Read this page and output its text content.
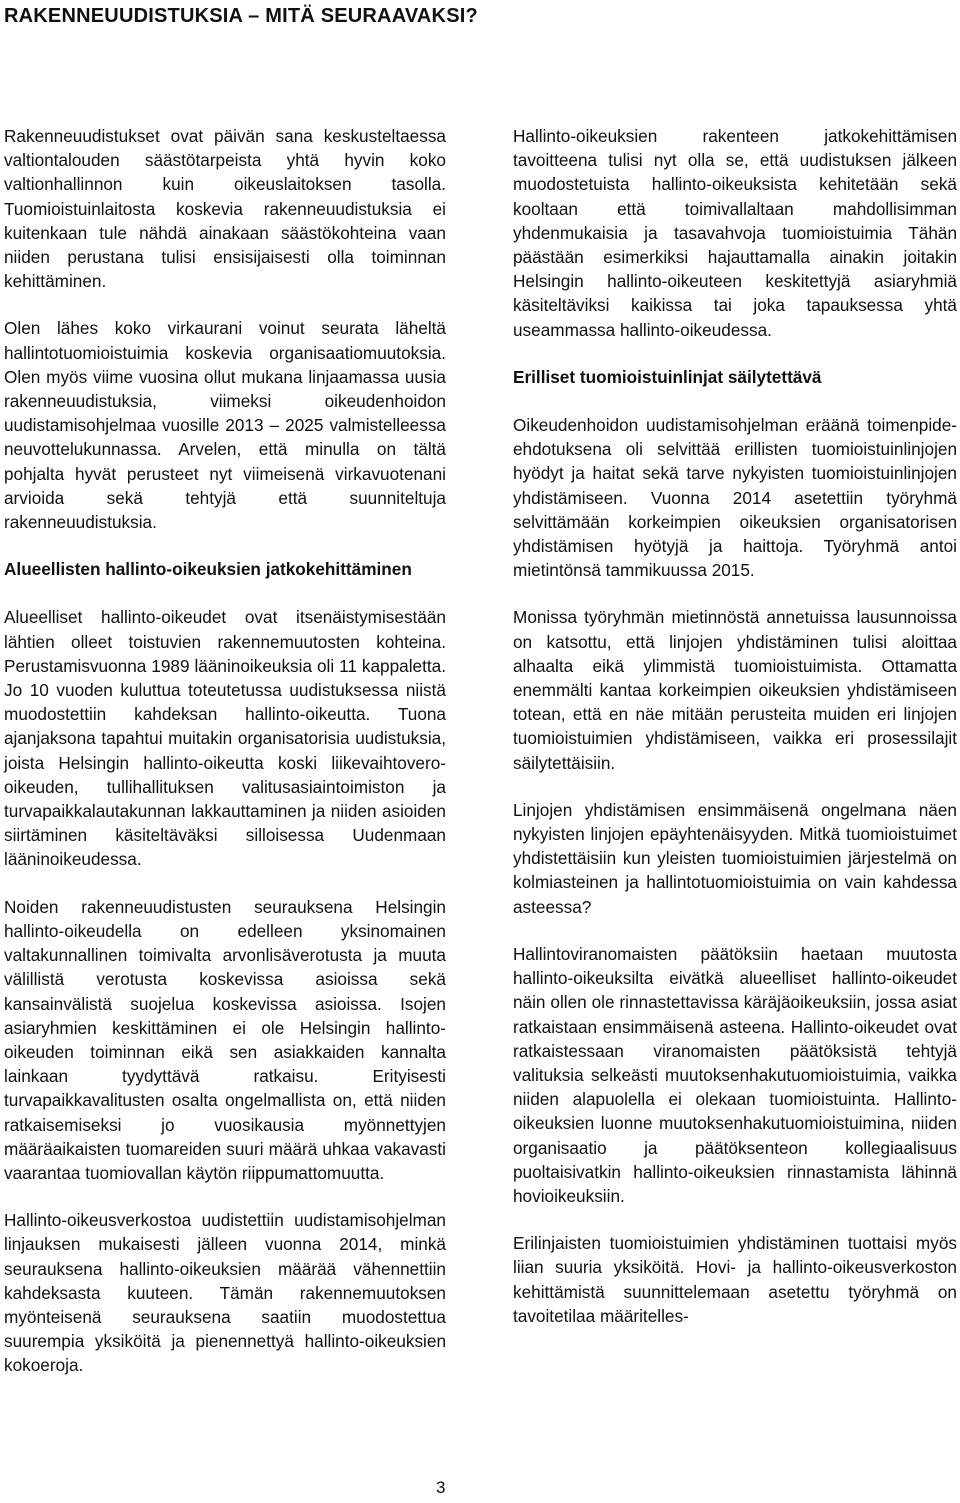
RAKENNEUUDISTUKSIA – MITÄ SEURAAVAKSI?

Rakenneuudistukset ovat päivän sana keskusteltaessa valtiontalouden säästötarpeista yhtä hyvin koko valtionhallinnon kuin oikeuslaitoksen tasolla. Tuomioistuinlaitosta koskevia rakenneuudistuksia ei kuitenkaan tule nähdä ainakaan säästökohteina vaan niiden perustana tulisi ensisijaisesti olla toiminnan kehittäminen.

Olen lähes koko virkaurani voinut seurata läheltä hallintotuomioistuimia koskevia organisaatiomuutoksia. Olen myös viime vuosina ollut mukana linjaamassa uusia rakenneuudistuksia, viimeksi oikeudenhoidon uudistamisohjelmaa vuosille 2013 – 2025 valmistelleessa neuvottelukunnassa. Arvelen, että minulla on tältä pohjalta hyvät perusteet nyt viimeisenä virkavuotenani arvioida sekä tehtyjä että suunniteltuja rakenneuudistuksia.

Alueellisten hallinto-oikeuksien jatkokehittäminen

Alueelliset hallinto-oikeudet ovat itsenäistymisestään lähtien olleet toistuvien rakennemuutosten kohteina. Perustamisvuonna 1989 lääninoikeuksia oli 11 kappaletta. Jo 10 vuoden kuluttua toteutetussa uudistuksessa niistä muodostettiin kahdeksan hallinto-oikeutta. Tuona ajanjaksona tapahtui muitakin organisatorisia uudistuksia, joista Helsingin hallinto-oikeutta koski liikevaihtovero-oikeuden, tullihallituksen valitusasiaintoimiston ja turvapaikkalautakunnan lakkauttaminen ja niiden asioiden siirtäminen käsiteltäväksi silloisessa Uudenmaan lääninoikeudessa.

Noiden rakenneuudistusten seurauksena Helsingin hallinto-oikeudella on edelleen yksinomainen valtakunnallinen toimivalta arvonlisäverotusta ja muuta välillistä verotusta koskevissa asioissa sekä kansainvälistä suojelua koskevissa asioissa. Isojen asiaryhmien keskittäminen ei ole Helsingin hallinto-oikeuden toiminnan eikä sen asiakkaiden kannalta lainkaan tyydyttävä ratkaisu. Erityisesti turvapaikkavalitusten osalta ongelmallista on, että niiden ratkaisemiseksi jo vuosikausia myönnettyjen määräaikaisten tuomareiden suuri määrä uhkaa vakavasti vaarantaa tuomiovallan käytön riippumattomuutta.

Hallinto-oikeusverkostoa uudistettiin uudistamisohjelman linjauksen mukaisesti jälleen vuonna 2014, minkä seurauksena hallinto-oikeuksien määrää vähennettiin kahdeksasta kuuteen. Tämän rakennemuutoksen myönteisenä seurauksena saatiin muodostettua suurempia yksiköitä ja pienennettyä hallinto-oikeuksien kokoeroja.

Hallinto-oikeuksien rakenteen jatkokehittämisen tavoitteena tulisi nyt olla se, että uudistuksen jälkeen muodostetuista hallinto-oikeuksista kehitetään sekä kooltaan että toimivallaltaan mahdollisimman yhdenmukaisia ja tasavahvoja tuomioistuimia Tähän päästään esimerkiksi hajauttamalla ainakin joitakin Helsingin hallinto-oikeuteen keskitettyjä asiaryhmiä käsiteltäviksi kaikissa tai joka tapauksessa yhtä useammassa hallinto-oikeudessa.

Erilliset tuomioistuinlinjat säilytettävä

Oikeudenhoidon uudistamisohjelman eräänä toimenpide-ehdotuksena oli selvittää erillisten tuomioistuinlinjojen hyödyt ja haitat sekä tarve nykyisten tuomioistuinlinjojen yhdistämiseen. Vuonna 2014 asetettiin työryhmä selvittämään korkeimpien oikeuksien organisatorisen yhdistämisen hyötyjä ja haittoja. Työryhmä antoi mietintönsä tammikuussa 2015.

Monissa työryhmän mietinnöstä annetuissa lausunnoissa on katsottu, että linjojen yhdistäminen tulisi aloittaa alhaalta eikä ylimmistä tuomioistuimista. Ottamatta enemmälti kantaa korkeimpien oikeuksien yhdistämiseen totean, että en näe mitään perusteita muiden eri linjojen tuomioistuimien yhdistämiseen, vaikka eri prosessilajit säilytettäisiin.

Linjojen yhdistämisen ensimmäisenä ongelmana näen nykyisten linjojen epäyhtenäisyyden. Mitkä tuomioistuimet yhdistettäisiin kun yleisten tuomioistuimien järjestelmä on kolmiasteinen ja hallintotuomioistuimia on vain kahdessa asteessa?

Hallintoviranomaisten päätöksiin haetaan muutosta hallinto-oikeuksilta eivätkä alueelliset hallinto-oikeudet näin ollen ole rinnastettavissa käräjäoikeuksiin, jossa asiat ratkaistaan ensimmäisenä asteena. Hallinto-oikeudet ovat ratkaistessaan viranomaisten päätöksistä tehtyjä valituksia selkeästi muutoksenhakutuomioistuimia, vaikka niiden alapuolella ei olekaan tuomioistuinta. Hallinto-oikeuksien luonne muutoksenhakutuomioistuimina, niiden organisaatio ja päätöksenteon kollegiaalisuus puoltaisivatkin hallinto-oikeuksien rinnastamista lähinnä hovioikeuksiin.

Erilinjaisten tuomioistuimien yhdistäminen tuottaisi myös liian suuria yksiköitä. Hovi- ja hallinto-oikeusverkoston kehittämistä suunnittelemaan asetettu työryhmä on tavoitetilaa määritelles-

3
